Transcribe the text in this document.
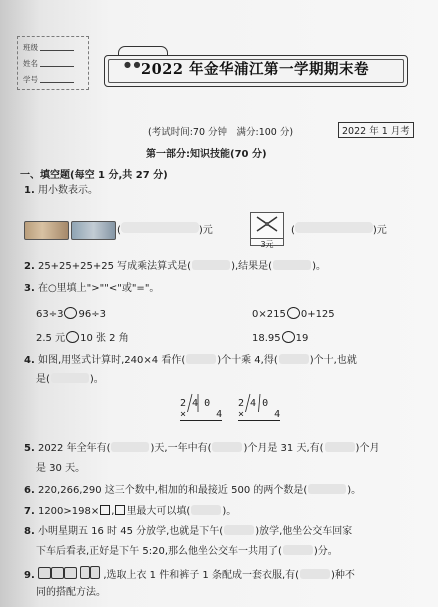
班级
姓名
学号
● ● 2022 年金华浦江第一学期期末卷
(考试时间:70 分钟　满分:100 分)	2022 年 1 月考
第一部分:知识技能(70 分)
一、填空题(每空 1 分,共 27 分)
1. 用小数表示。
(	)元
3元
(	)元
2. 25+25+25+25 写成乘法算式是(	),结果是(	)。
3. 在○里填上">""<"或"="。
63÷3 96÷3	0×215 0+125
2.5 元 10 张 2 角	18.95 19
4. 如图,用竖式计算时,240×4 看作(	)个十乘 4,得(	)个十,也就
是(	)。
2 4 0
×     4
2 4 0
×     4
5. 2022 年全年有(	)天,一年中有(	)个月是 31 天,有(	)个月
是 30 天。
6. 220,266,290 这三个数中,相加的和最接近 500 的两个数是(	)。
7. 1200>198× , 里最大可以填(	)。
8. 小明星期五 16 时 45 分放学,也就是下午(	)放学,他坐公交车回家
下车后看表,正好是下午 5:20,那么他坐公交车一共用了(	)分。
9.	,选取上衣 1 件和裤子 1 条配成一套衣服,有(	)种不
同的搭配方法。
